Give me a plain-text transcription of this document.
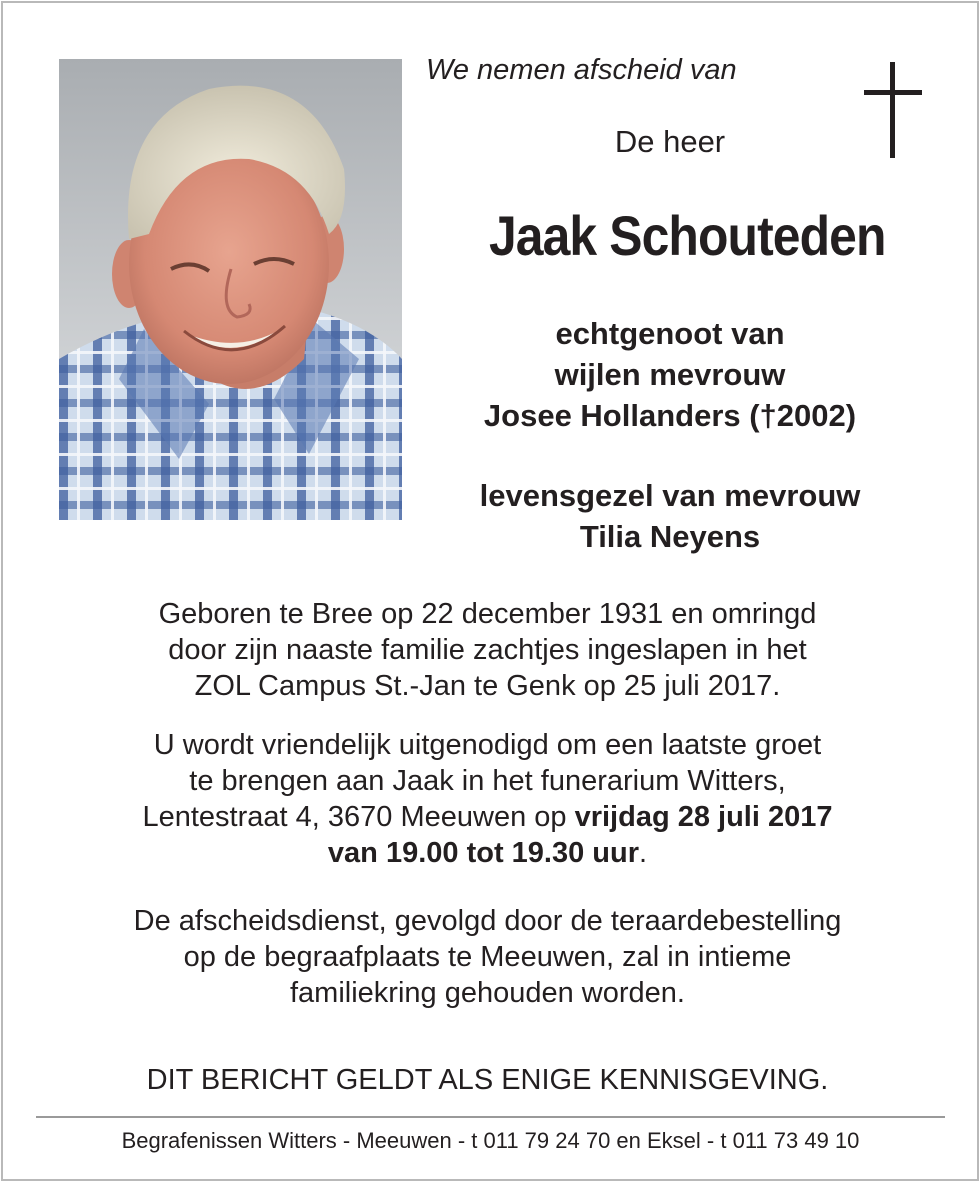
We nemen afscheid van
De heer
Jaak Schouteden
echtgenoot van
wijlen mevrouw
Josee Hollanders (†2002)
levensgezel van mevrouw
Tilia Neyens
Geboren te Bree op 22 december 1931 en omringd
door zijn naaste familie zachtjes ingeslapen in het
ZOL Campus St.-Jan te Genk op 25 juli 2017.
U wordt vriendelijk uitgenodigd om een laatste groet
te brengen aan Jaak in het funerarium Witters,
Lentestraat 4, 3670 Meeuwen op vrijdag 28 juli 2017
van 19.00 tot 19.30 uur.
De afscheidsdienst, gevolgd door de teraardebestelling
op de begraafplaats te Meeuwen, zal in intieme
familiekring gehouden worden.
DIT BERICHT GELDT ALS ENIGE KENNISGEVING.
Begrafenissen Witters - Meeuwen - t 011 79 24 70 en Eksel - t 011 73 49 10
